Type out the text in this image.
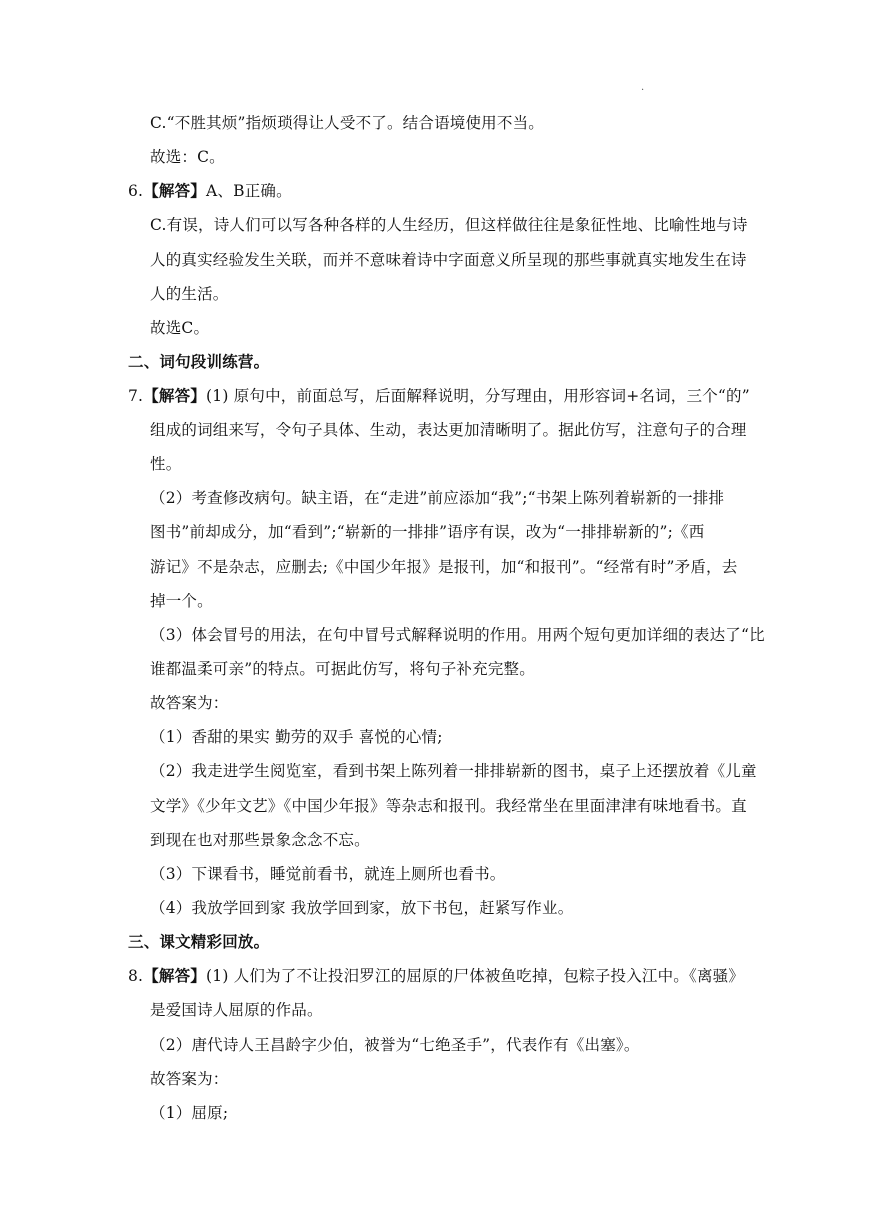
.
C.“不胜其烦”指烦琐得让人受不了。结合语境使用不当。
故选：C。
6.【解答】A、B正确。
C.有误，诗人们可以写各种各样的人生经历，但这样做往往是象征性地、比喻性地与诗
人的真实经验发生关联，而并不意味着诗中字面意义所呈现的那些事就真实地发生在诗
人的生活。
故选C。
二、词句段训练营。
7.【解答】(1) 原句中，前面总写，后面解释说明，分写理由，用形容词+名词，三个“的”
组成的词组来写，令句子具体、生动，表达更加清晰明了。据此仿写，注意句子的合理
性。
（2）考查修改病句。缺主语，在“走进”前应添加“我”;“书架上陈列着崭新的一排排
图书”前却成分，加“看到”;“崭新的一排排”语序有误，改为“一排排崭新的”;《西
游记》不是杂志，应删去;《中国少年报》是报刊，加“和报刊”。“经常有时”矛盾，去
掉一个。
（3）体会冒号的用法，在句中冒号式解释说明的作用。用两个短句更加详细的表达了“比
谁都温柔可亲”的特点。可据此仿写，将句子补充完整。
故答案为：
（1）香甜的果实 勤劳的双手 喜悦的心情;
（2）我走进学生阅览室，看到书架上陈列着一排排崭新的图书，桌子上还摆放着《儿童
文学》《少年文艺》《中国少年报》等杂志和报刊。我经常坐在里面津津有味地看书。直
到现在也对那些景象念念不忘。
（3）下课看书，睡觉前看书，就连上厕所也看书。
（4）我放学回到家 我放学回到家，放下书包，赶紧写作业。
三、课文精彩回放。
8.【解答】(1) 人们为了不让投汨罗江的屈原的尸体被鱼吃掉，包粽子投入江中。《离骚》
是爱国诗人屈原的作品。
（2）唐代诗人王昌龄字少伯，被誉为“七绝圣手”，代表作有《出塞》。
故答案为：
（1）屈原;
